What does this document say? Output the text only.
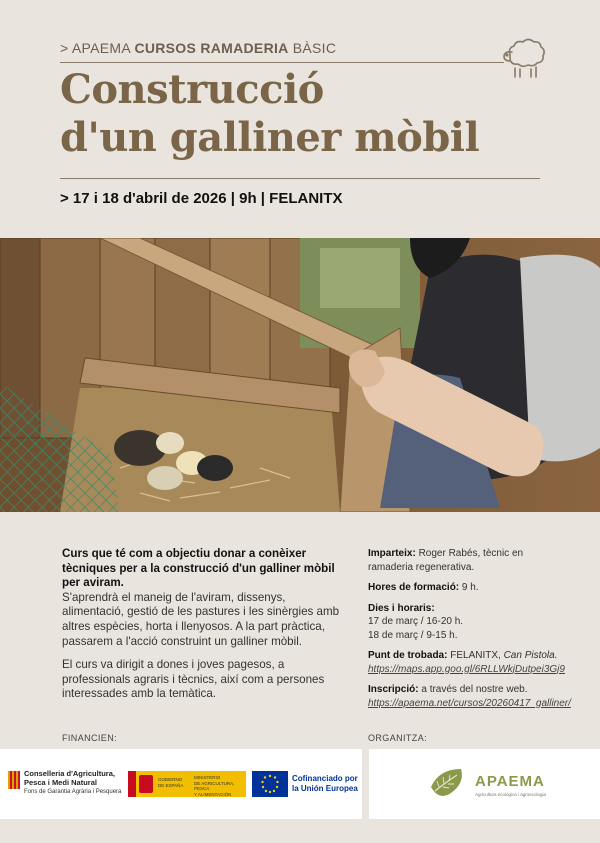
> APAEMA CURSOS RAMADERIA BÀSIC
Construcció
d'un galliner mòbil
> 17 i 18 d'abril de 2026 | 9h | FELANITX

Curs que té com a objectiu donar a conèixer tècniques per a la construcció d'un galliner mòbil per aviram.
S'aprendrà el maneig de l'aviram, dissenys, alimentació, gestió de les pastures i les sinèrgies amb altres espècies, horta i llenyosos. A la part pràctica, passarem a l'acció construint un galliner mòbil.

El curs va dirigit a dones i joves pagesos, a professionals agraris i tècnics, així com a persones interessades amb la temàtica.

Imparteix: Roger Rabés, tècnic en ramaderia regenerativa.
Hores de formació: 9 h.
Dies i horaris:
17 de març / 16-20 h.
18 de març / 9-15 h.
Punt de trobada: FELANITX, Can Pistola.
https://maps.app.goo.gl/6RLLWkjDutpei3Gj9
Inscripció: a través del nostre web.
https://apaema.net/cursos/20260417_galliner/
FINANCIEN:	ORGANITZA:
Conselleria d'Agricultura,
Pesca i Medi Natural
Fons de Garantia Agrària i Pesquera
GOBIERNO
DE ESPAÑA
MINISTERIO
DE AGRICULTURA, PESCA
Y ALIMENTACIÓN
Cofinanciado por
la Unión Europea	APAEMA
Agricultura ecològica i agroecologia
